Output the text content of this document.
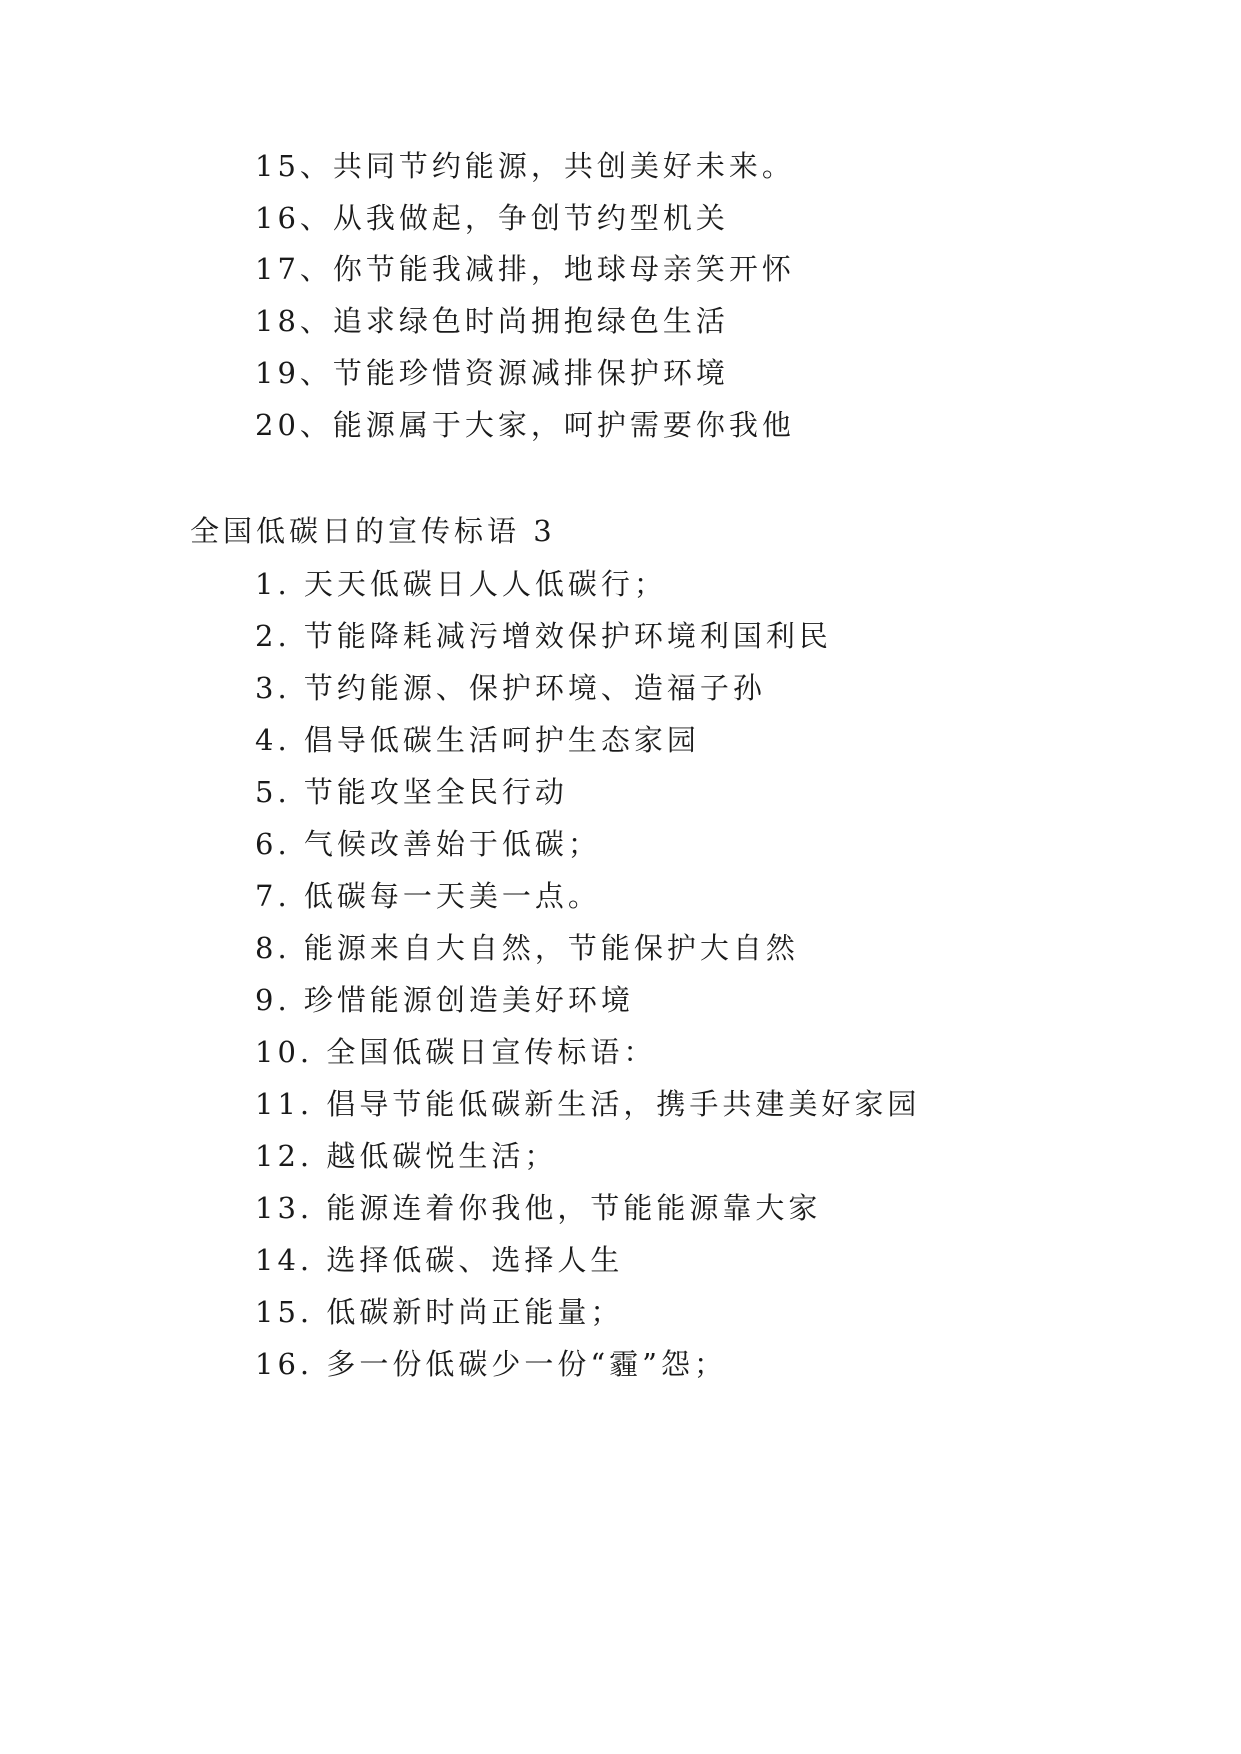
15、共同节约能源，共创美好未来。
16、从我做起，争创节约型机关
17、你节能我减排，地球母亲笑开怀
18、追求绿色时尚拥抱绿色生活
19、节能珍惜资源减排保护环境
20、能源属于大家，呵护需要你我他
全国低碳日的宣传标语 3
1. 天天低碳日人人低碳行；
2. 节能降耗减污增效保护环境利国利民
3. 节约能源、保护环境、造福子孙
4. 倡导低碳生活呵护生态家园
5. 节能攻坚全民行动
6. 气候改善始于低碳；
7. 低碳每一天美一点。
8. 能源来自大自然，节能保护大自然
9. 珍惜能源创造美好环境
10. 全国低碳日宣传标语：
11. 倡导节能低碳新生活，携手共建美好家园
12. 越低碳悦生活；
13. 能源连着你我他，节能能源靠大家
14. 选择低碳、选择人生
15. 低碳新时尚正能量；
16. 多一份低碳少一份“霾”怨；
